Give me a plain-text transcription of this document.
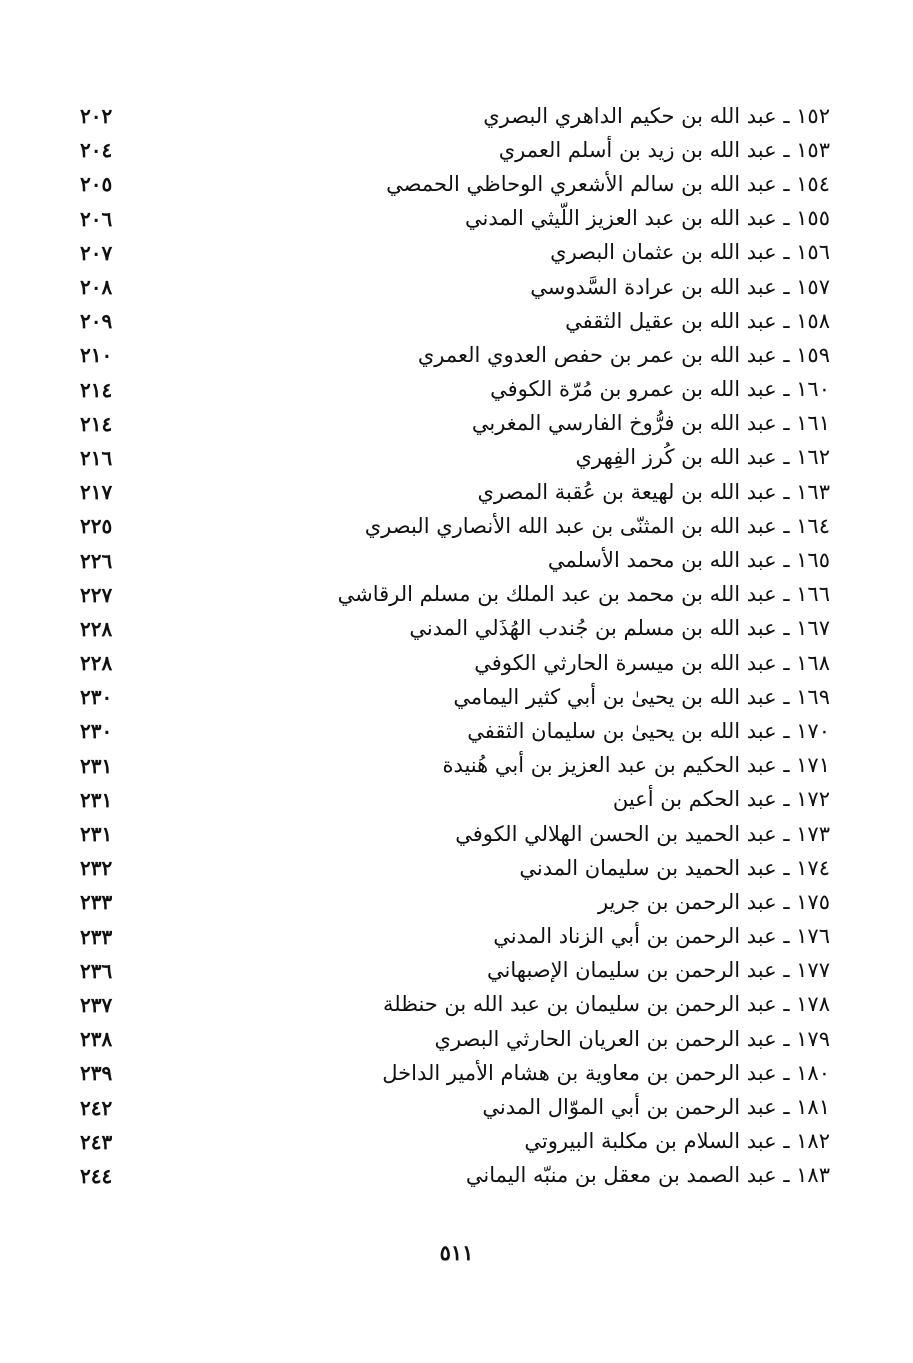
٢٠٢	١٥٢ ـ عبد الله بن حكيم الداهري البصري
٢٠٤	١٥٣ ـ عبد الله بن زيد بن أسلم العمري
٢٠٥	١٥٤ ـ عبد الله بن سالم الأشعري الوحاظي الحمصي
٢٠٦	١٥٥ ـ عبد الله بن عبد العزيز اللّيثي المدني
٢٠٧	١٥٦ ـ عبد الله بن عثمان البصري
٢٠٨	١٥٧ ـ عبد الله بن عرادة السَّدوسي
٢٠٩	١٥٨ ـ عبد الله بن عقيل الثقفي
٢١٠	١٥٩ ـ عبد الله بن عمر بن حفص العدوي العمري
٢١٤	١٦٠ ـ عبد الله بن عمرو بن مُرّة الكوفي
٢١٤	١٦١ ـ عبد الله بن فرُّوخ الفارسي المغربي
٢١٦	١٦٢ ـ عبد الله بن كُرز الفِهري
٢١٧	١٦٣ ـ عبد الله بن لهيعة بن عُقبة المصري
٢٢٥	١٦٤ ـ عبد الله بن المثنّى بن عبد الله الأنصاري البصري
٢٢٦	١٦٥ ـ عبد الله بن محمد الأسلمي
٢٢٧	١٦٦ ـ عبد الله بن محمد بن عبد الملك بن مسلم الرقاشي
٢٢٨	١٦٧ ـ عبد الله بن مسلم بن جُندب الهُذَلي المدني
٢٢٨	١٦٨ ـ عبد الله بن ميسرة الحارثي الكوفي
٢٣٠	١٦٩ ـ عبد الله بن يحيىٰ بن أبي كثير اليمامي
٢٣٠	١٧٠ ـ عبد الله بن يحيىٰ بن سليمان الثقفي
٢٣١	١٧١ ـ عبد الحكيم بن عبد العزيز بن أبي هُنيدة
٢٣١	١٧٢ ـ عبد الحكم بن أعين
٢٣١	١٧٣ ـ عبد الحميد بن الحسن الهلالي الكوفي
٢٣٢	١٧٤ ـ عبد الحميد بن سليمان المدني
٢٣٣	١٧٥ ـ عبد الرحمن بن جرير
٢٣٣	١٧٦ ـ عبد الرحمن بن أبي الزناد المدني
٢٣٦	١٧٧ ـ عبد الرحمن بن سليمان الإصبهاني
٢٣٧	١٧٨ ـ عبد الرحمن بن سليمان بن عبد الله بن حنظلة
٢٣٨	١٧٩ ـ عبد الرحمن بن العريان الحارثي البصري
٢٣٩	١٨٠ ـ عبد الرحمن بن معاوية بن هشام الأمير الداخل
٢٤٢	١٨١ ـ عبد الرحمن بن أبي الموّال المدني
٢٤٣	١٨٢ ـ عبد السلام بن مكلبة البيروتي
٢٤٤	١٨٣ ـ عبد الصمد بن معقل بن منبّه اليماني
٥١١
